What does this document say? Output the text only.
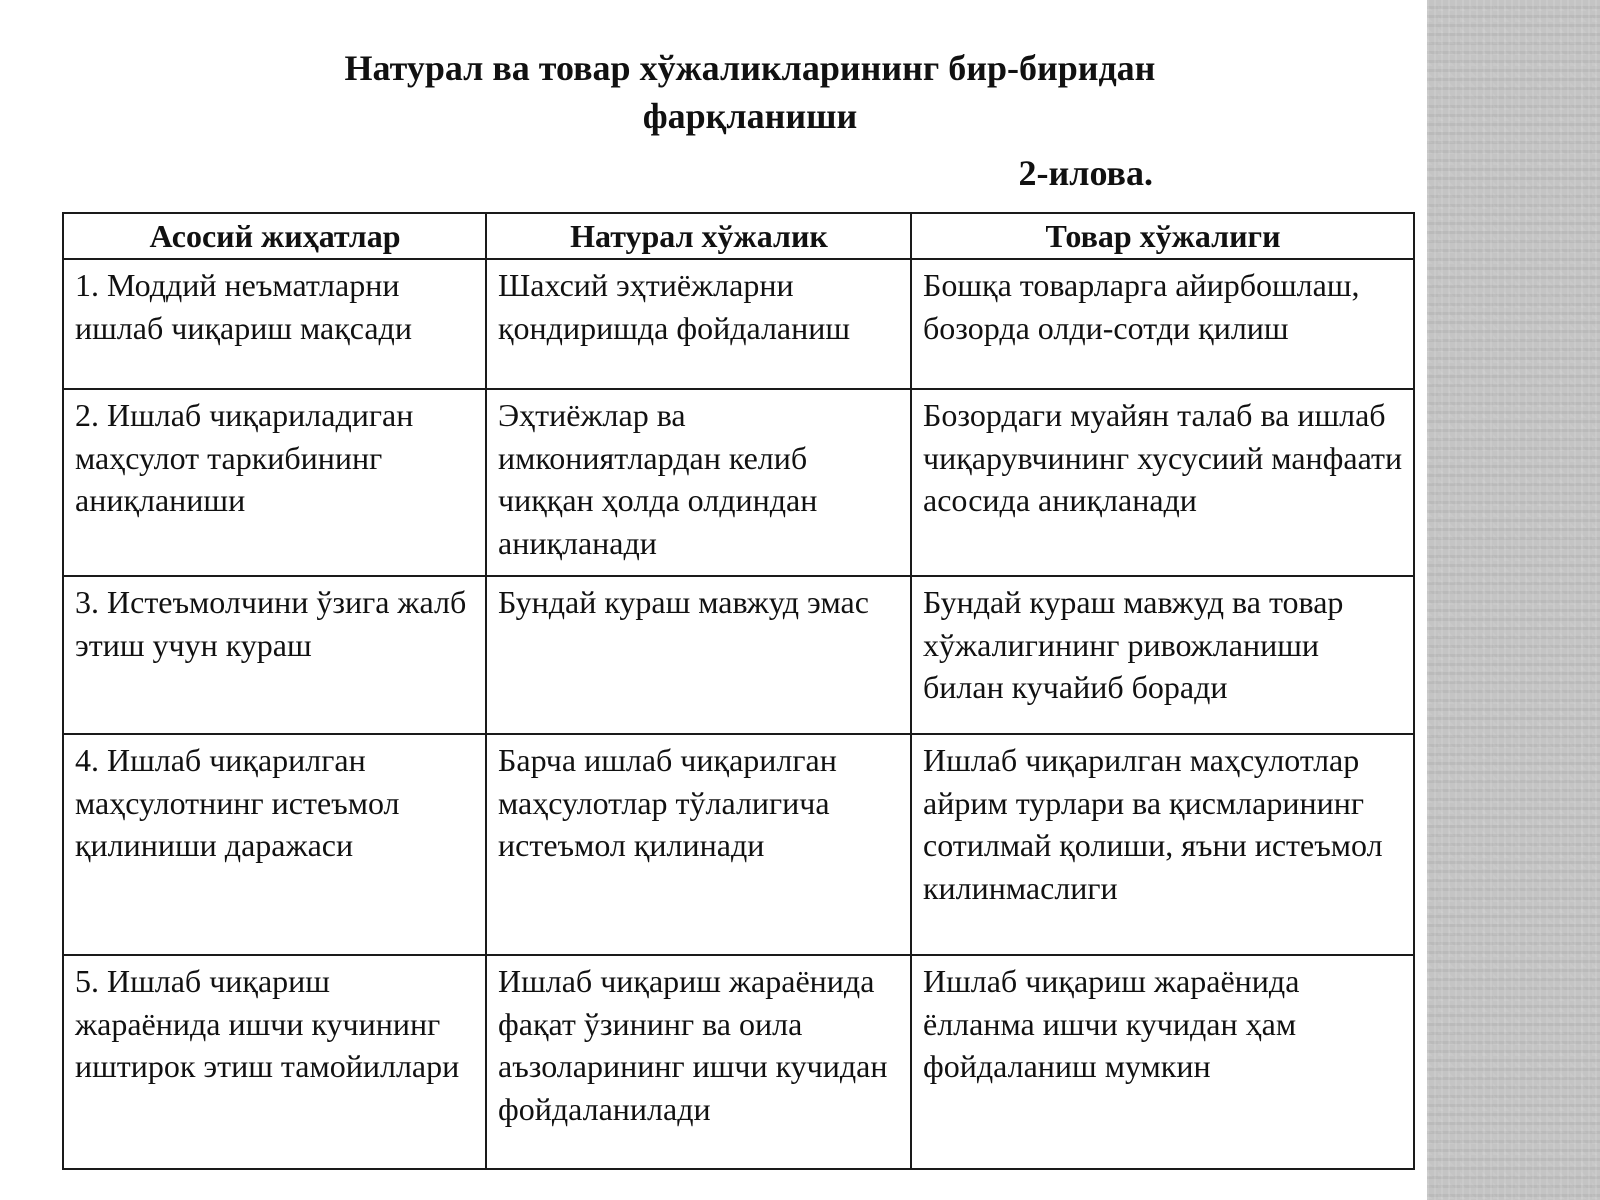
Натурал ва товар хўжаликларининг бир-биридан
фарқланиши
2-илова.
Асосий жиҳатлар	Натурал хўжалик	Товар хўжалиги
1. Моддий неъматларни ишлаб чиқариш мақсади	Шахсий эҳтиёжларни қондиришда фойдаланиш	Бошқа товарларга айирбошлаш, бозорда олди-сотди қилиш
2. Ишлаб чиқариладиган маҳсулот таркибининг аниқланиши	Эҳтиёжлар ва имкониятлардан келиб чиққан ҳолда олдиндан аниқланади	Бозордаги муайян талаб ва ишлаб чиқарувчининг хусусиий манфаати асосида аниқланади
3. Истеъмолчини ўзига жалб этиш учун кураш	Бундай кураш мавжуд эмас	Бундай кураш мавжуд ва товар хўжалигининг ривожланиши билан кучайиб боради
4. Ишлаб чиқарилган маҳсулотнинг истеъмол қилиниши даражаси	Барча ишлаб чиқарилган маҳсулотлар тўлалигича истеъмол қилинади	Ишлаб чиқарилган маҳсулотлар айрим турлари ва қисмларининг сотилмай қолиши, яъни истеъмол килинмаслиги
5. Ишлаб чиқариш жараёнида ишчи кучининг иштирок этиш тамойиллари	Ишлаб чиқариш жараёнида фақат ўзининг ва оила аъзоларининг ишчи кучидан фойдаланилади	Ишлаб чиқариш жараёнида ёлланма ишчи кучидан ҳам фойдаланиш мумкин
